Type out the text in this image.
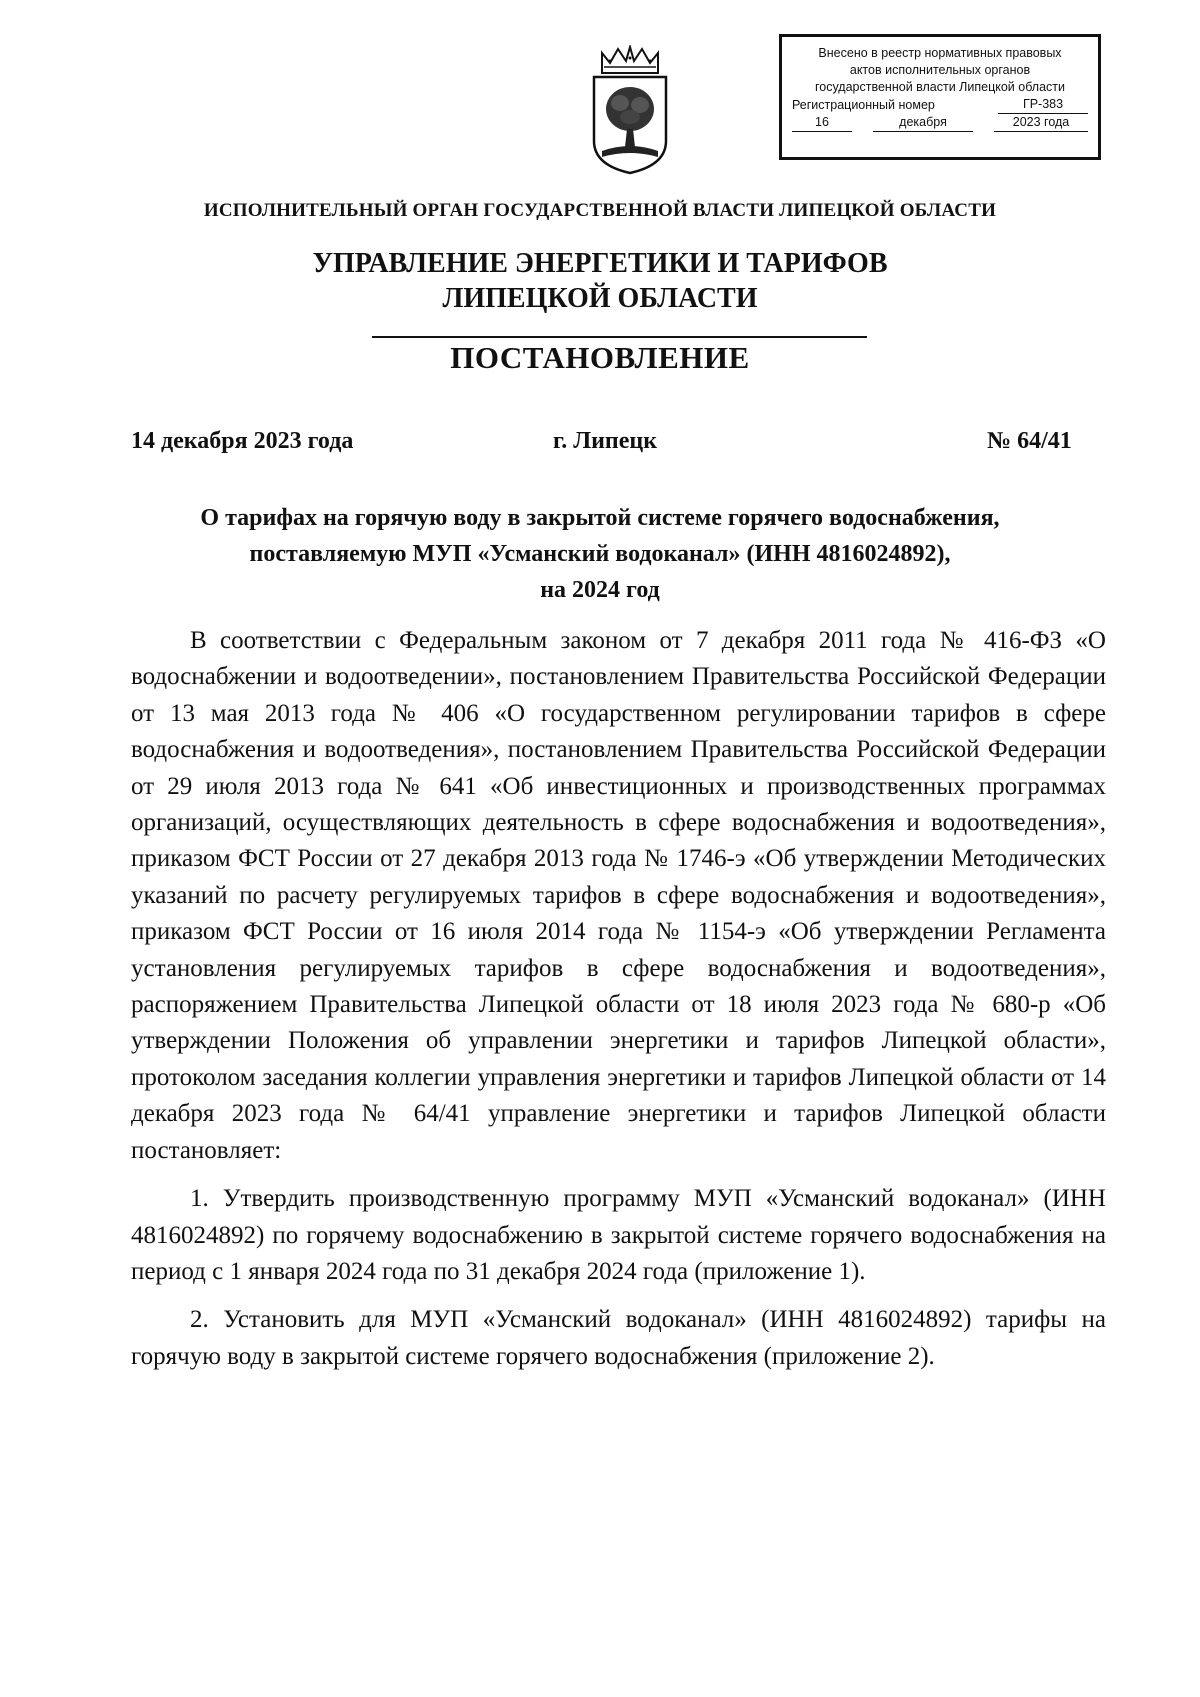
Внесено в реестр нормативных правовых
актов исполнительных органов
государственной власти Липецкой области
Регистрационный номер	ГР-383
16	декабря	2023 года
ИСПОЛНИТЕЛЬНЫЙ ОРГАН ГОСУДАРСТВЕННОЙ ВЛАСТИ ЛИПЕЦКОЙ ОБЛАСТИ
УПРАВЛЕНИЕ ЭНЕРГЕТИКИ И ТАРИФОВ
ЛИПЕЦКОЙ ОБЛАСТИ
ПОСТАНОВЛЕНИЕ
14 декабря 2023 года	г. Липецк	№ 64/41
О тарифах на горячую воду в закрытой системе горячего водоснабжения,
поставляемую МУП «Усманский водоканал» (ИНН 4816024892),
на 2024 год

В соответствии с Федеральным законом от 7 декабря 2011 года № 416-ФЗ «О водоснабжении и водоотведении», постановлением Правительства Российской Федерации от 13 мая 2013 года № 406 «О государственном регулировании тарифов в сфере водоснабжения и водоотведения», постановлением Правительства Российской Федерации от 29 июля 2013 года № 641 «Об инвестиционных и производственных программах организаций, осуществляющих деятельность в сфере водоснабжения и водоотведения», приказом ФСТ России от 27 декабря 2013 года № 1746-э «Об утверждении Методических указаний по расчету регулируемых тарифов в сфере водоснабжения и водоотведения», приказом ФСТ России от 16 июля 2014 года № 1154-э «Об утверждении Регламента установления регулируемых тарифов в сфере водоснабжения и водоотведения», распоряжением Правительства Липецкой области от 18 июля 2023 года № 680-р «Об утверждении Положения об управлении энергетики и тарифов Липецкой области», протоколом заседания коллегии управления энергетики и тарифов Липецкой области от 14 декабря 2023 года № 64/41 управление энергетики и тарифов Липецкой области постановляет:

1. Утвердить производственную программу МУП «Усманский водоканал» (ИНН 4816024892) по горячему водоснабжению в закрытой системе горячего водоснабжения на период с 1 января 2024 года по 31 декабря 2024 года (приложение 1).

2. Установить для МУП «Усманский водоканал» (ИНН 4816024892) тарифы на горячую воду в закрытой системе горячего водоснабжения (приложение 2).
